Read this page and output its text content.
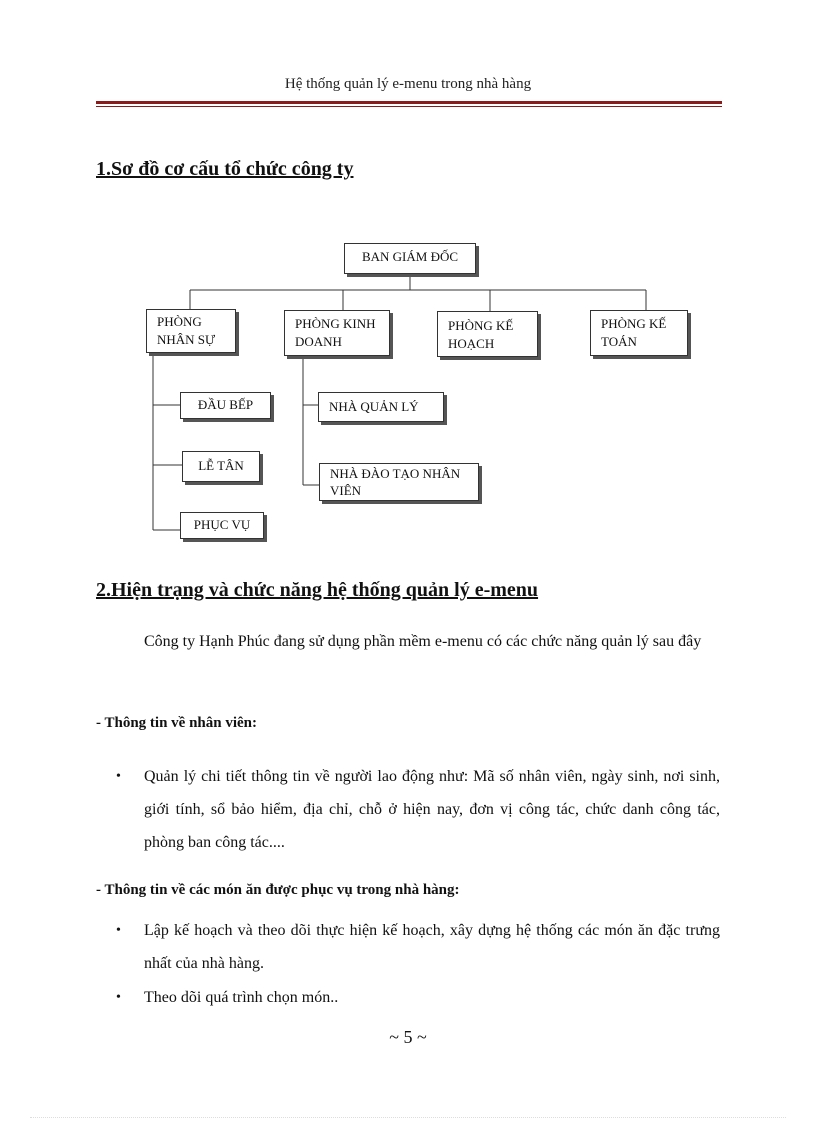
Hệ thống quản lý e-menu trong nhà hàng
1.Sơ đồ cơ cấu tổ chức công ty
BAN GIÁM ĐỐC
PHÒNG NHÂN SỰ
PHÒNG KINH DOANH
PHÒNG KẾ HOẠCH
PHÒNG KẾ TOÁN
ĐẦU BẾP
LỄ TÂN
PHỤC VỤ
NHÀ QUẢN LÝ
NHÀ ĐÀO TẠO NHÂN VIÊN
2.Hiện trạng và chức năng hệ thống quản lý e-menu

Công ty Hạnh Phúc đang sử dụng phần mềm e-menu có các chức năng quản lý sau đây

- Thông tin về nhân viên:

•	Quản lý chi tiết thông tin về người lao động như: Mã số nhân viên, ngày sinh, nơi sinh, giới tính, sổ bảo hiểm, địa chỉ, chỗ ở hiện nay, đơn vị công tác, chức danh công tác, phòng ban công tác....

- Thông tin về các món ăn được phục vụ trong nhà hàng:

•	Lập kế hoạch và theo dõi thực hiện kế hoạch, xây dựng hệ thống các món ăn đặc trưng nhất của nhà hàng.
•	Theo dõi quá trình chọn món..
~ 5 ~
